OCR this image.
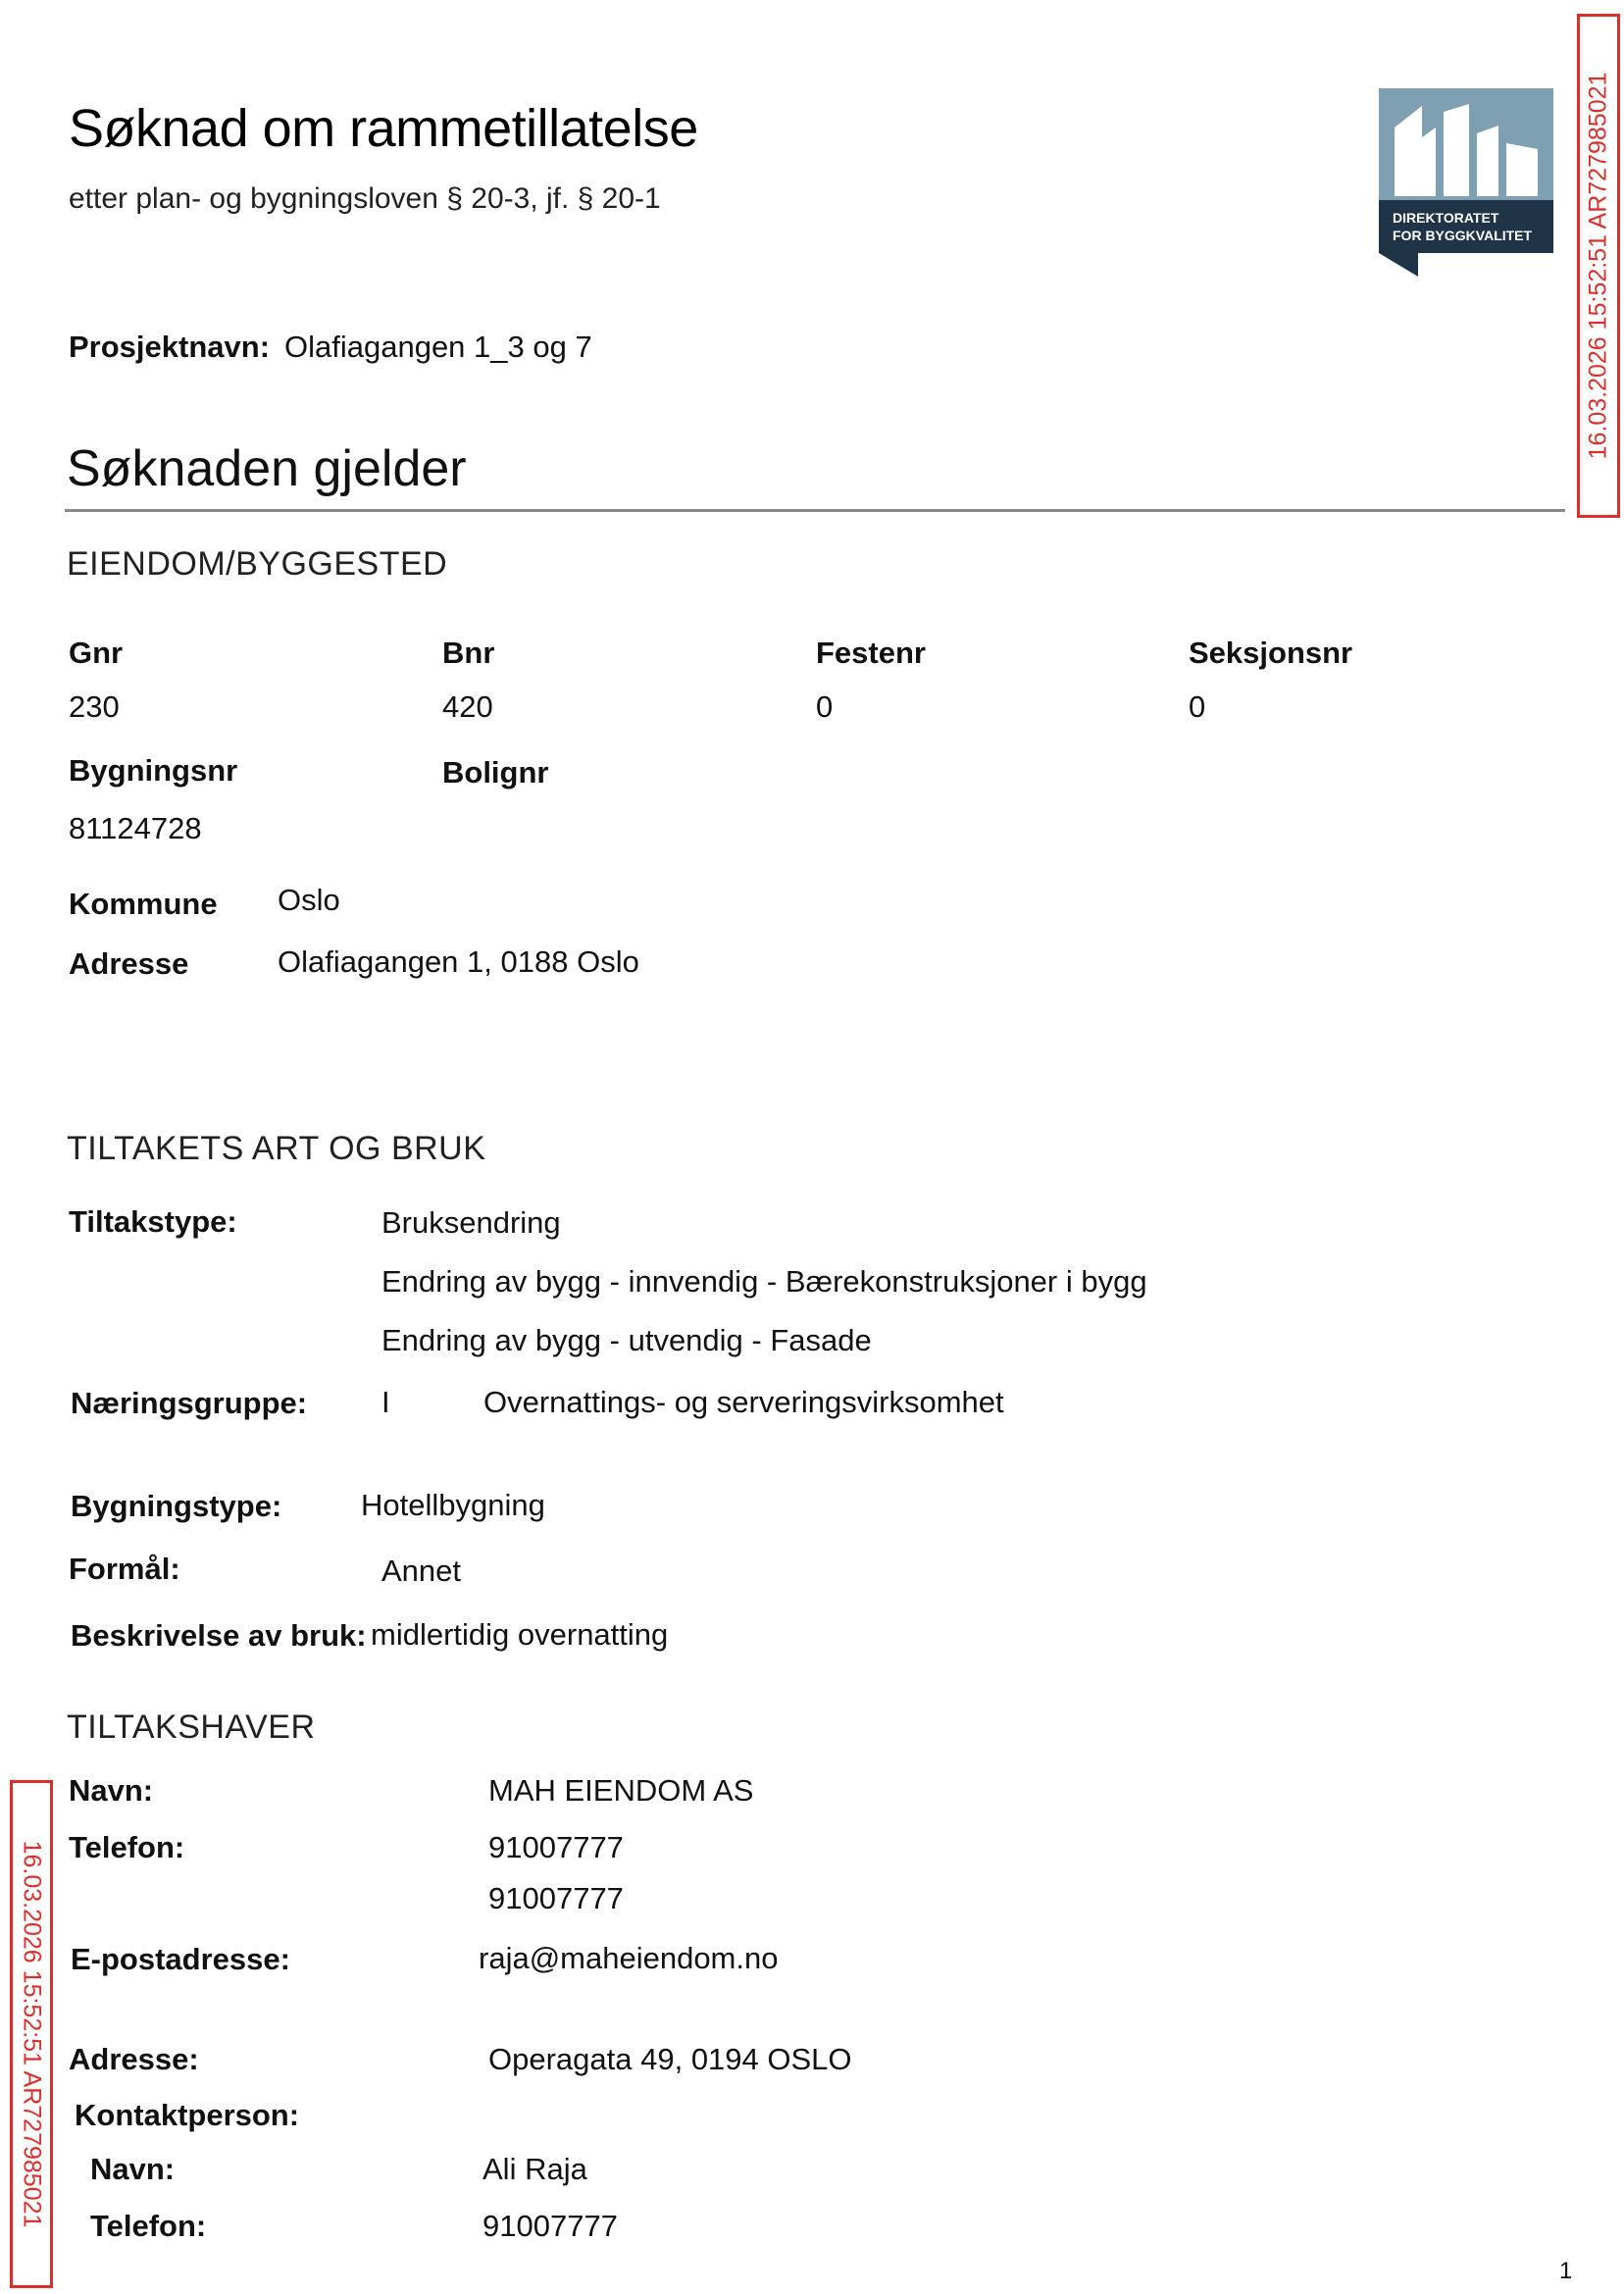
Søknad om rammetillatelse
etter plan- og bygningsloven § 20-3, jf. § 20-1
DIREKTORATET
FOR BYGGKVALITET 16.03.2026 15:52:51 AR727985021
16.03.2026 15:52:51 AR727985021
Prosjektnavn: Olafiagangen 1_3 og 7
Søknaden gjelder
EIENDOM/BYGGESTED
Gnr	Bnr	Festenr	Seksjonsnr
230	420	0	0
Bygningsnr	Bolignr
81124728
Kommune Oslo
Adresse	Olafiagangen 1, 0188 Oslo
TILTAKETS ART OG BRUK
Tiltakstype:	Bruksendring
Endring av bygg - innvendig - Bærekonstruksjoner i bygg
Endring av bygg - utvendig - Fasade
Næringsgruppe: I	Overnattings- og serveringsvirksomhet
Bygningstype:	Hotellbygning
Formål:	Annet
Beskrivelse av bruk: midlertidig overnatting
TILTAKSHAVER
Navn:	MAH EIENDOM AS
Telefon:	91007777
91007777
E-postadresse:	raja@maheiendom.no
Adresse:	Operagata 49, 0194 OSLO
Kontaktperson:
Navn:	Ali Raja
Telefon:	91007777
1
